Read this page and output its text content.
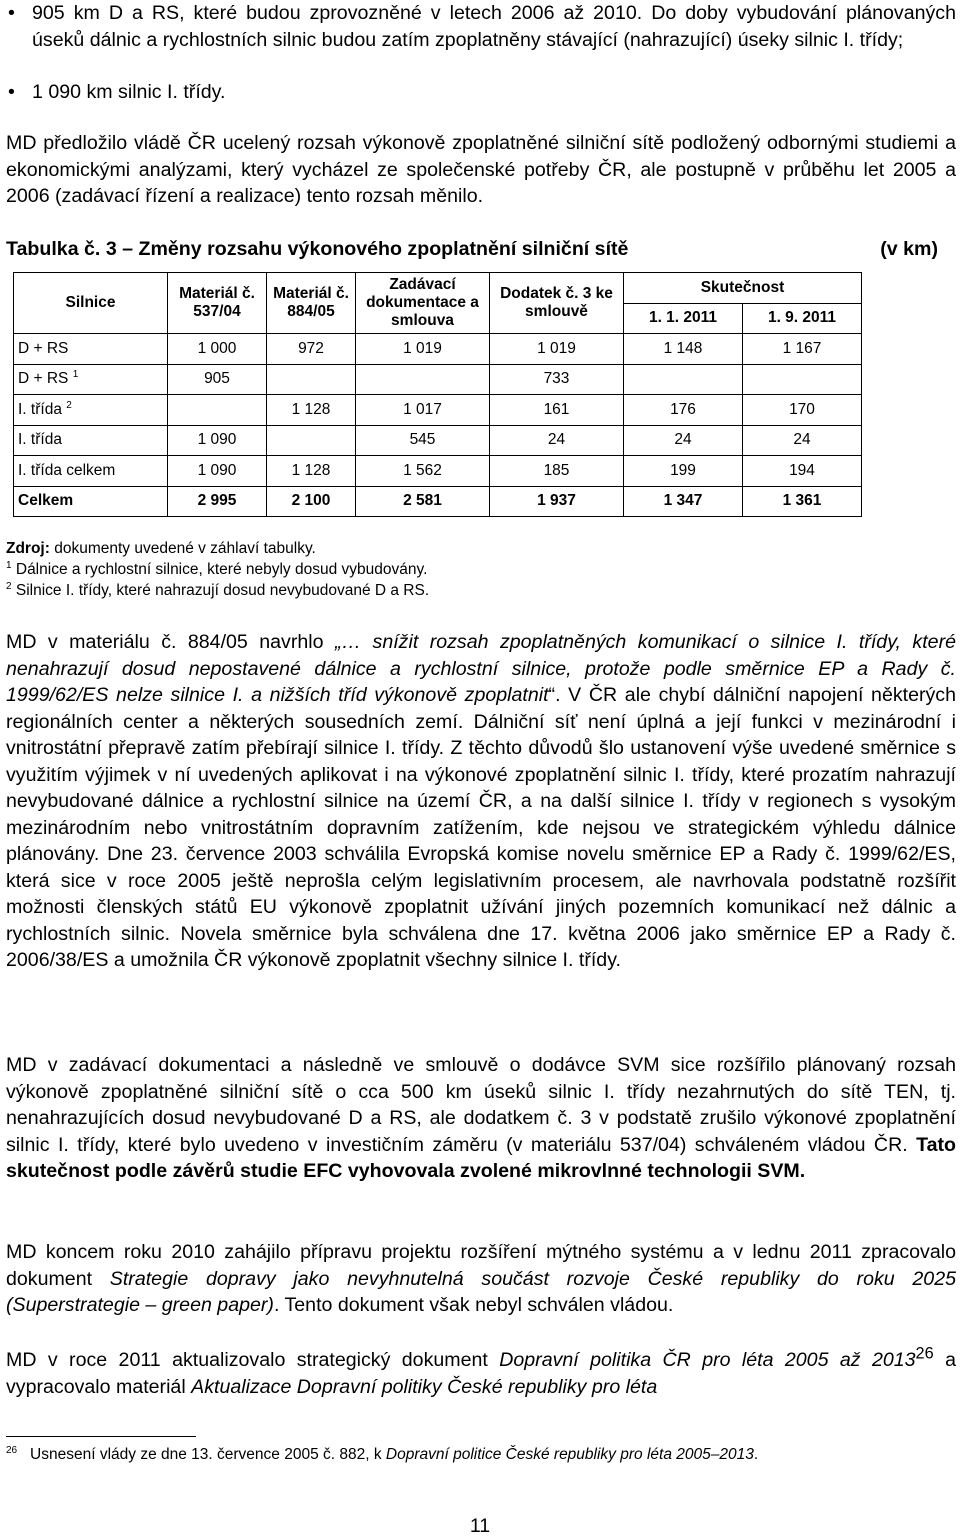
• 905 km D a RS, které budou zprovozněné v letech 2006 až 2010. Do doby vybudování plánovaných úseků dálnic a rychlostních silnic budou zatím zpoplatněny stávající (nahrazující) úseky silnic I. třídy;
• 1 090 km silnic I. třídy.

MD předložilo vládě ČR ucelený rozsah výkonově zpoplatněné silniční sítě podložený odbornými studiemi a ekonomickými analýzami, který vycházel ze společenské potřeby ČR, ale postupně v průběhu let 2005 a 2006 (zadávací řízení a realizace) tento rozsah měnilo.

Tabulka č. 3 – Změny rozsahu výkonového zpoplatnění silniční sítě	(v km)
Silnice	Materiál č. 537/04	Materiál č. 884/05	Zadávací dokumentace a smlouva	Dodatek č. 3 ke smlouvě	Skutečnost	
					1. 1. 2011	1. 9. 2011
D + RS	1 000	972	1 019	1 019	1 148	1 167
D + RS $^1$	905			733		
I. třída $^2$		1 128	1 017	161	176	170
I. třída	1 090		545	24	24	24
I. třída celkem	1 090	1 128	1 562	185	199	194
Celkem	2 995	2 100	2 581	1 937	1 347	1 361
Zdroj: dokumenty uvedené v záhlaví tabulky.
$^1$ Dálnice a rychlostní silnice, které nebyly dosud vybudovány.
$^2$ Silnice I. třídy, které nahrazují dosud nevybudované D a RS.

MD v materiálu č. 884/05 navrhlo „… snížit rozsah zpoplatněných komunikací o silnice I. třídy, které nenahrazují dosud nepostavené dálnice a rychlostní silnice, protože podle směrnice EP a Rady č. 1999/62/ES nelze silnice I. a nižších tříd výkonově zpoplatnit“. V ČR ale chybí dálniční napojení některých regionálních center a některých sousedních zemí. Dálniční síť není úplná a její funkci v mezinárodní i vnitrostátní přepravě zatím přebírají silnice I. třídy. Z těchto důvodů šlo ustanovení výše uvedené směrnice s využitím výjimek v ní uvedených aplikovat i na výkonové zpoplatnění silnic I. třídy, které prozatím nahrazují nevybudované dálnice a rychlostní silnice na území ČR, a na další silnice I. třídy v regionech s vysokým mezinárodním nebo vnitrostátním dopravním zatížením, kde nejsou ve strategickém výhledu dálnice plánovány. Dne 23. července 2003 schválila Evropská komise novelu směrnice EP a Rady č. 1999/62/ES, která sice v roce 2005 ještě neprošla celým legislativním procesem, ale navrhovala podstatně rozšířit možnosti členských států EU výkonově zpoplatnit užívání jiných pozemních komunikací než dálnic a rychlostních silnic. Novela směrnice byla schválena dne 17. května 2006 jako směrnice EP a Rady č. 2006/38/ES a umožnila ČR výkonově zpoplatnit všechny silnice I. třídy.

MD v zadávací dokumentaci a následně ve smlouvě o dodávce SVM sice rozšířilo plánovaný rozsah výkonově zpoplatněné silniční sítě o cca 500 km úseků silnic I. třídy nezahrnutých do sítě TEN, tj. nenahrazujících dosud nevybudované D a RS, ale dodatkem č. 3 v podstatě zrušilo výkonové zpoplatnění silnic I. třídy, které bylo uvedeno v investičním záměru (v materiálu 537/04) schváleném vládou ČR. Tato skutečnost podle závěrů studie EFC vyhovovala zvolené mikrovlnné technologii SVM.

MD koncem roku 2010 zahájilo přípravu projektu rozšíření mýtného systému a v lednu 2011 zpracovalo dokument Strategie dopravy jako nevyhnutelná součást rozvoje České republiky do roku 2025 (Superstrategie – green paper). Tento dokument však nebyl schválen vládou.

MD v roce 2011 aktualizovalo strategický dokument Dopravní politika ČR pro léta 2005 až 2013$^{26}$ a vypracovalo materiál Aktualizace Dopravní politiky České republiky pro léta

$^{26}$ Usnesení vlády ze dne 13. července 2005 č. 882, k Dopravní politice České republiky pro léta 2005–2013.
11
